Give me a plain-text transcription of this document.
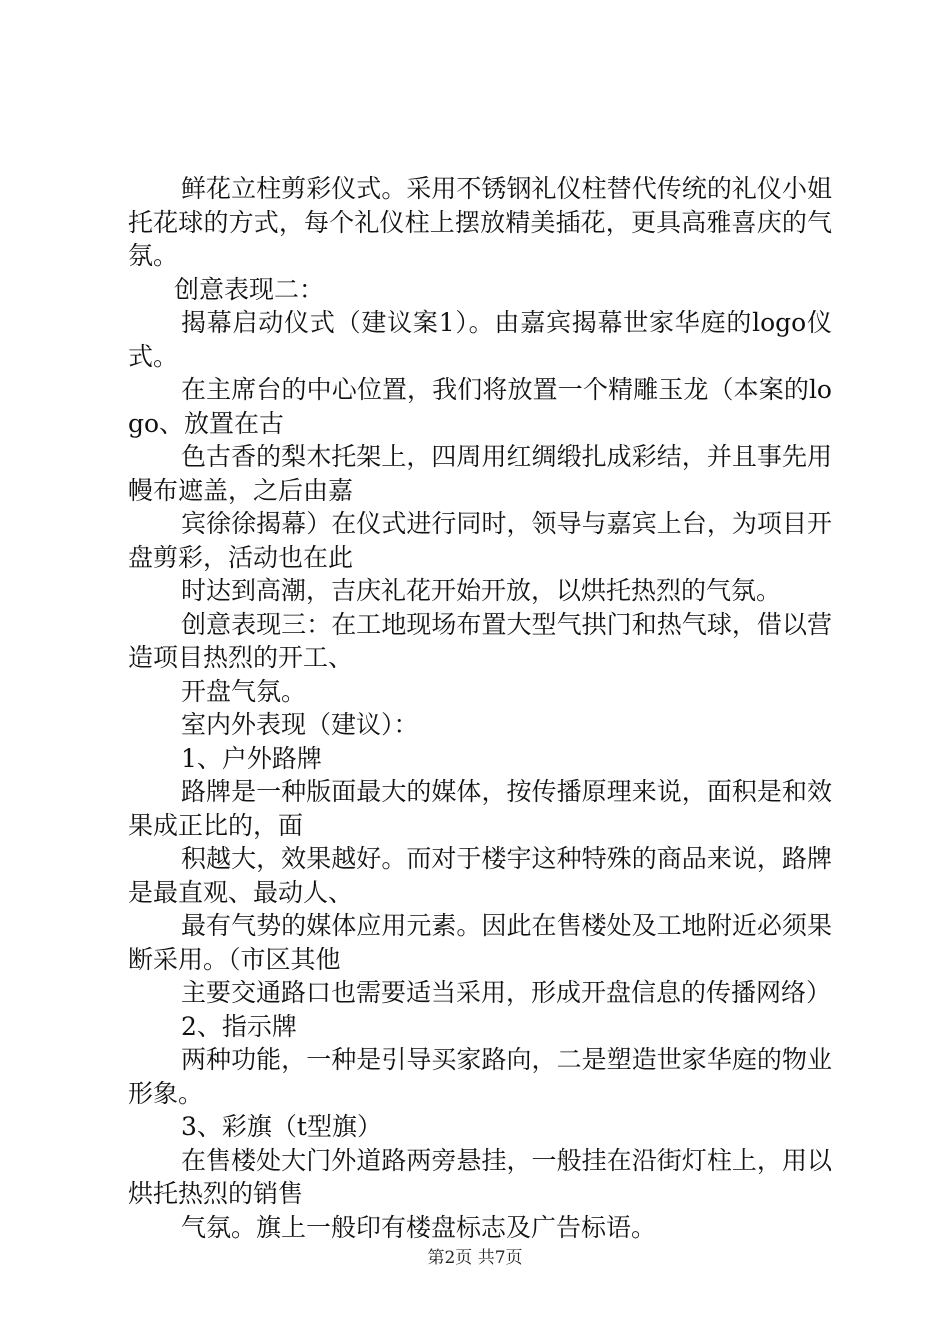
鲜花立柱剪彩仪式。采用不锈钢礼仪柱替代传统的礼仪小姐托花球的方式，每个礼仪柱上摆放精美插花，更具高雅喜庆的气氛。

创意表现二：

揭幕启动仪式（建议案1）。由嘉宾揭幕世家华庭的logo仪式。

在主席台的中心位置，我们将放置一个精雕玉龙（本案的logo、放置在古

色古香的梨木托架上，四周用红绸缎扎成彩结，并且事先用幔布遮盖，之后由嘉

宾徐徐揭幕）在仪式进行同时，领导与嘉宾上台，为项目开盘剪彩，活动也在此

时达到高潮，吉庆礼花开始开放，以烘托热烈的气氛。

创意表现三：在工地现场布置大型气拱门和热气球，借以营造项目热烈的开工、

开盘气氛。

室内外表现（建议）：

1、户外路牌

路牌是一种版面最大的媒体，按传播原理来说，面积是和效果成正比的，面

积越大，效果越好。而对于楼宇这种特殊的商品来说，路牌是最直观、最动人、

最有气势的媒体应用元素。因此在售楼处及工地附近必须果断采用。（市区其他

主要交通路口也需要适当采用，形成开盘信息的传播网络）

2、指示牌

两种功能，一种是引导买家路向，二是塑造世家华庭的物业形象。

3、彩旗（t型旗）

在售楼处大门外道路两旁悬挂，一般挂在沿街灯柱上，用以烘托热烈的销售

气氛。旗上一般印有楼盘标志及广告标语。

第2页 共7页
